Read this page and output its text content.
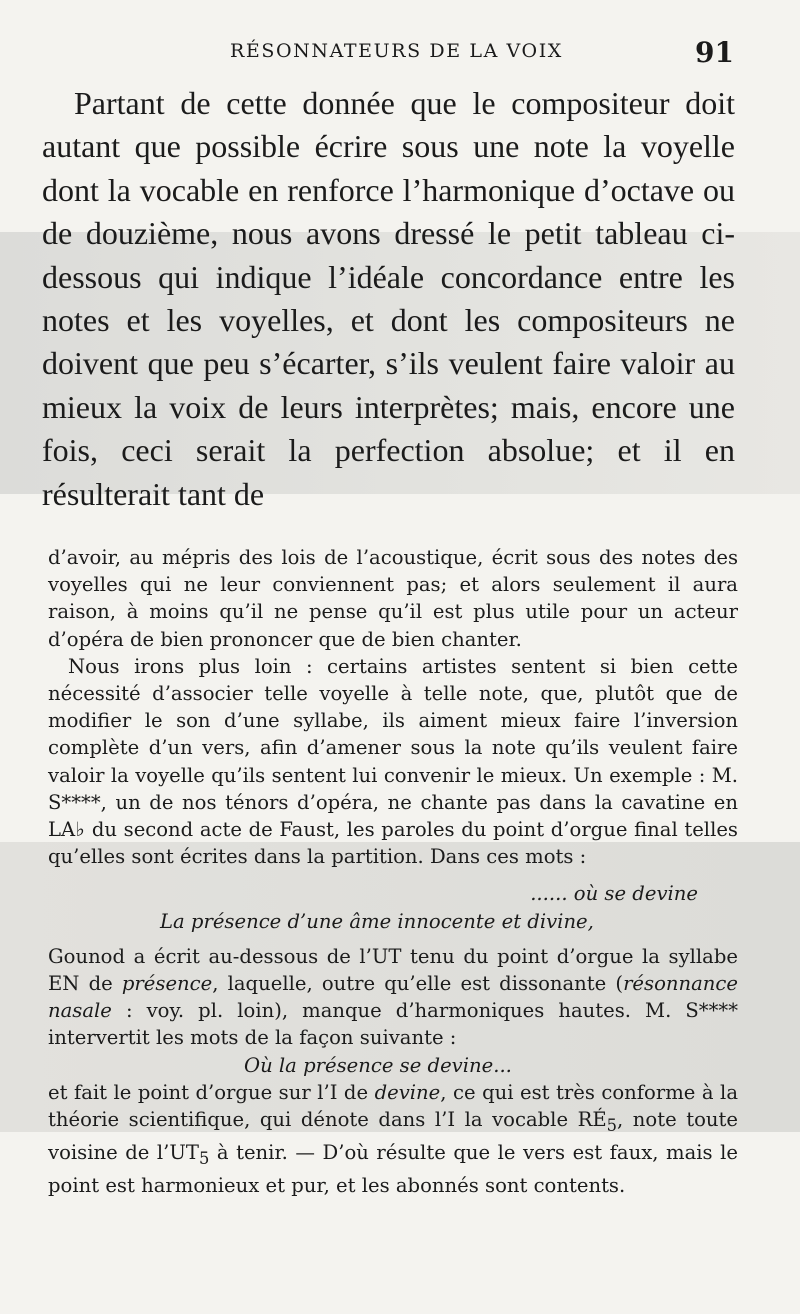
RÉSONNATEURS DE LA VOIX	91

Partant de cette donnée que le compositeur doit autant que possible écrire sous une note la voyelle dont la vocable en renforce l’harmonique d’octave ou de douzième, nous avons dressé le petit tableau ci-dessous qui indique l’idéale concordance entre les notes et les voyelles, et dont les compositeurs ne doivent que peu s’écarter, s’ils veulent faire valoir au mieux la voix de leurs interprètes; mais, encore une fois, ceci serait la perfection absolue; et il en résulterait tant de

d’avoir, au mépris des lois de l’acoustique, écrit sous des notes des voyelles qui ne leur conviennent pas; et alors seulement il aura raison, à moins qu’il ne pense qu’il est plus utile pour un acteur d’opéra de bien prononcer que de bien chanter.

Nous irons plus loin : certains artistes sentent si bien cette nécessité d’associer telle voyelle à telle note, que, plutôt que de modifier le son d’une syllabe, ils aiment mieux faire l’inversion complète d’un vers, afin d’amener sous la note qu’ils veulent faire valoir la voyelle qu’ils sentent lui convenir le mieux. Un exemple : M. S****, un de nos ténors d’opéra, ne chante pas dans la cavatine en LA♭ du second acte de Faust, les paroles du point d’orgue final telles qu’elles sont écrites dans la partition. Dans ces mots :

...... où se devine

La présence d’une âme innocente et divine,

Gounod a écrit au-dessous de l’UT tenu du point d’orgue la syllabe EN de présence, laquelle, outre qu’elle est dissonante (résonnance nasale : voy. pl. loin), manque d’harmoniques hautes. M. S**** intervertit les mots de la façon suivante :

Où la présence se devine...

et fait le point d’orgue sur l’I de devine, ce qui est très conforme à la théorie scientifique, qui dénote dans l’I la vocable $RÉ_5$, note toute voisine de $l’UT_5$ à tenir. — D’où résulte que le vers est faux, mais le point est harmonieux et pur, et les abonnés sont contents.
